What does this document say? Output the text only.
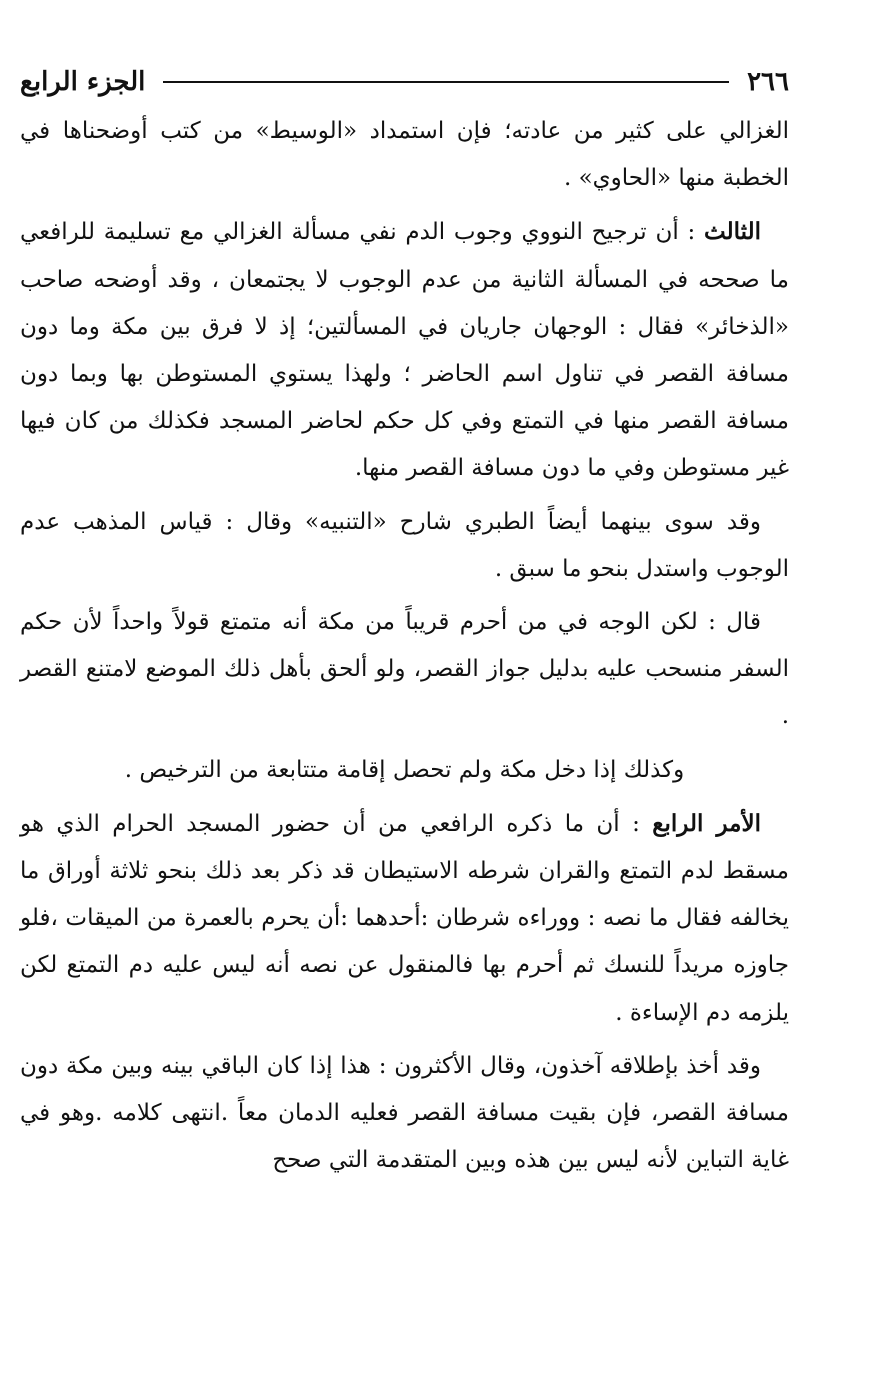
٢٦٦
الجزء الرابع

الغزالي على كثير من عادته؛ فإن استمداد «الوسيط» من كتب أوضحناها في الخطبة منها «الحاوي» .

الثالث : أن ترجيح النووي وجوب الدم نفي مسألة الغزالي مع تسليمة للرافعي ما صححه في المسألة الثانية من عدم الوجوب لا يجتمعان ، وقد أوضحه صاحب «الذخائر» فقال : الوجهان جاريان في المسألتين؛ إذ لا فرق بين مكة وما دون مسافة القصر في تناول اسم الحاضر ؛ ولهذا يستوي المستوطن بها وبما دون مسافة القصر منها في التمتع وفي كل حكم لحاضر المسجد فكذلك من كان فيها غير مستوطن وفي ما دون مسافة القصر منها.

وقد سوى بينهما أيضاً الطبري شارح «التنبيه» وقال : قياس المذهب عدم الوجوب واستدل بنحو ما سبق .

قال : لكن الوجه في من أحرم قريباً من مكة أنه متمتع قولاً واحداً لأن حكم السفر منسحب عليه بدليل جواز القصر، ولو ألحق بأهل ذلك الموضع لامتنع القصر .

وكذلك إذا دخل مكة ولم تحصل إقامة متتابعة من الترخيص .

الأمر الرابع : أن ما ذكره الرافعي من أن حضور المسجد الحرام الذي هو مسقط لدم التمتع والقران شرطه الاستيطان قد ذكر بعد ذلك بنحو ثلاثة أوراق ما يخالفه فقال ما نصه : ووراءه شرطان :أحدهما :أن يحرم بالعمرة من الميقات ،فلو جاوزه مريداً للنسك ثم أحرم بها فالمنقول عن نصه أنه ليس عليه دم التمتع لكن يلزمه دم الإساءة .

وقد أخذ بإطلاقه آخذون، وقال الأكثرون : هذا إذا كان الباقي بينه وبين مكة دون مسافة القصر، فإن بقيت مسافة القصر فعليه الدمان معاً .انتهى كلامه .وهو في غاية التباين لأنه ليس بين هذه وبين المتقدمة التي صحح
